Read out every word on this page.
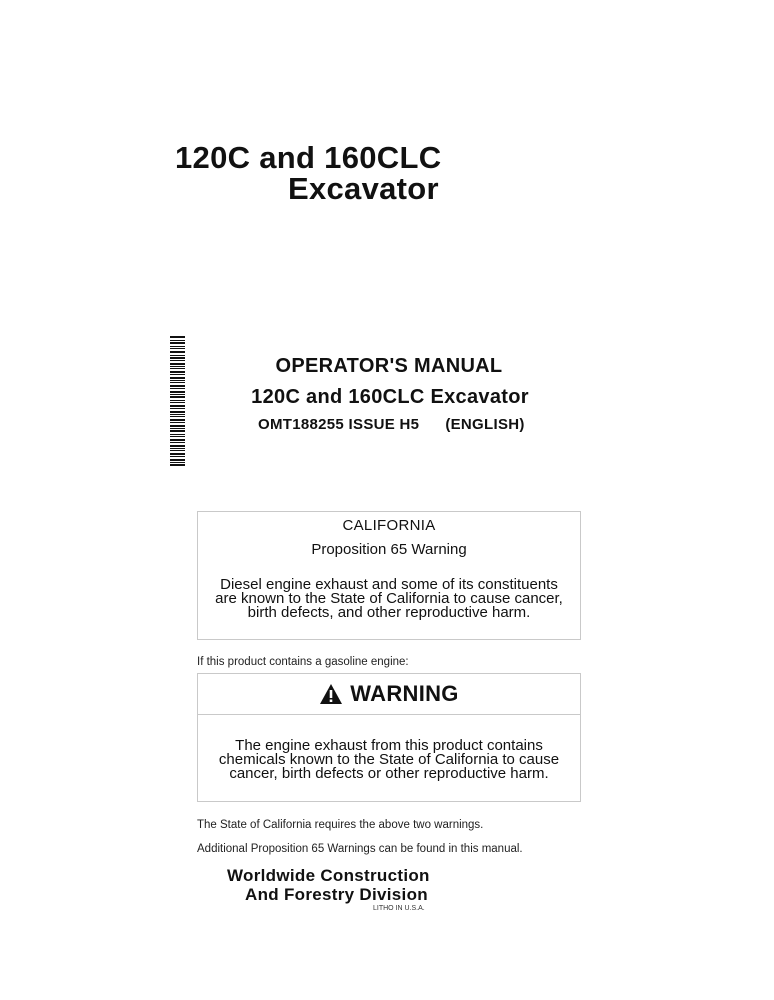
120C and 160CLC
Excavator
OPERATOR'S MANUAL
120C and 160CLC Excavator
OMT188255 ISSUE H5 (ENGLISH)
CALIFORNIA
Proposition 65 Warning
Diesel engine exhaust and some of its constituents
are known to the State of California to cause cancer,
birth defects, and other reproductive harm.
If this product contains a gasoline engine:
WARNING
The engine exhaust from this product contains
chemicals known to the State of California to cause
cancer, birth defects or other reproductive harm.
The State of California requires the above two warnings.
Additional Proposition 65 Warnings can be found in this manual.
Worldwide Construction
And Forestry Division
LITHO IN U.S.A.
